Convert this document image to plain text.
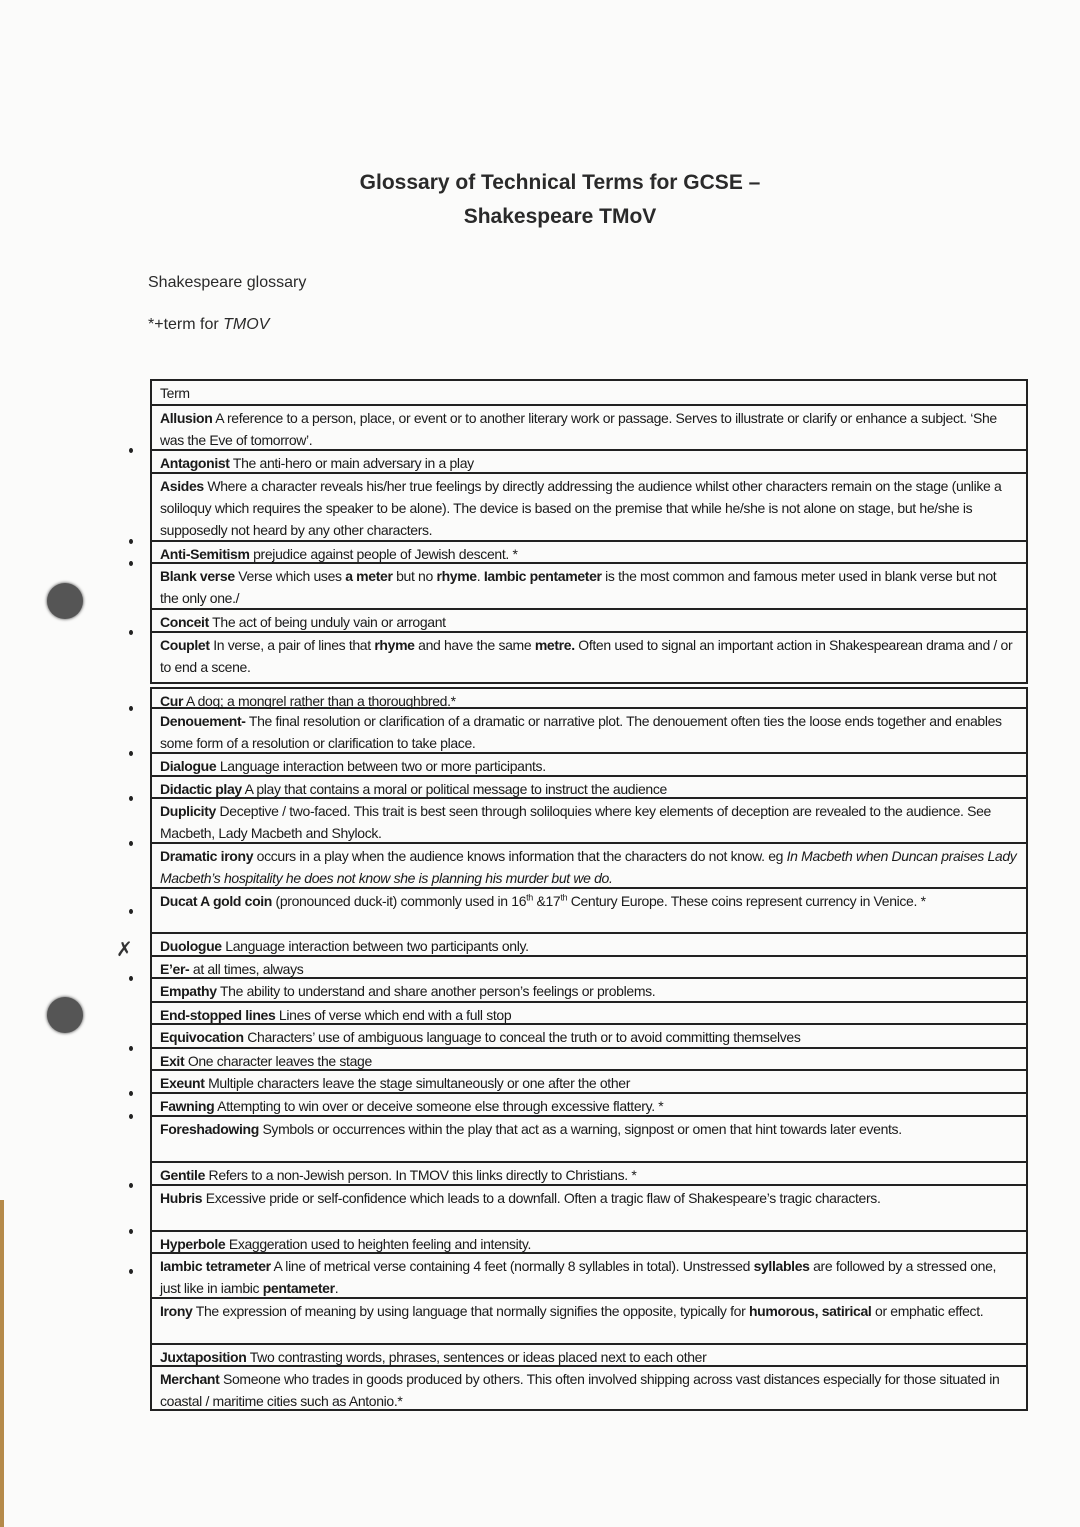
Glossary of Technical Terms for GCSE –
Shakespeare TMoV
Shakespeare glossary
*+term for TMOV
✗
Term
Allusion A reference to a person, place, or event or to another literary work or passage. Serves to illustrate or clarify or enhance a subject. ‘She was the Eve of tomorrow’.
Antagonist The anti-hero or main adversary in a play
Asides Where a character reveals his/her true feelings by directly addressing the audience whilst other characters remain on the stage (unlike a soliloquy which requires the speaker to be alone). The device is based on the premise that while he/she is not alone on stage, but he/she is supposedly not heard by any other characters.
Anti-Semitism prejudice against people of Jewish descent. *
Blank verse Verse which uses a meter but no rhyme. Iambic pentameter is the most common and famous meter used in blank verse but not the only one./
Conceit The act of being unduly vain or arrogant
Couplet In verse, a pair of lines that rhyme and have the same metre. Often used to signal an important action in Shakespearean drama and / or to end a scene.
Cur A dog; a mongrel rather than a thoroughbred.*
Denouement- The final resolution or clarification of a dramatic or narrative plot. The denouement often ties the loose ends together and enables some form of a resolution or clarification to take place.
Dialogue Language interaction between two or more participants.
Didactic play A play that contains a moral or political message to instruct the audience
Duplicity Deceptive / two-faced. This trait is best seen through soliloquies where key elements of deception are revealed to the audience. See Macbeth, Lady Macbeth and Shylock.
Dramatic irony occurs in a play when the audience knows information that the characters do not know. eg In Macbeth when Duncan praises Lady Macbeth’s hospitality he does not know she is planning his murder but we do.
Ducat A gold coin (pronounced duck-it) commonly used in 16th &17th Century Europe. These coins represent currency in Venice. *
Duologue Language interaction between two participants only.
E’er- at all times, always
Empathy The ability to understand and share another person’s feelings or problems.
End-stopped lines Lines of verse which end with a full stop
Equivocation Characters’ use of ambiguous language to conceal the truth or to avoid committing themselves
Exit One character leaves the stage
Exeunt Multiple characters leave the stage simultaneously or one after the other
Fawning Attempting to win over or deceive someone else through excessive flattery. *
Foreshadowing Symbols or occurrences within the play that act as a warning, signpost or omen that hint towards later events.
Gentile Refers to a non-Jewish person. In TMOV this links directly to Christians. *
Hubris Excessive pride or self-confidence which leads to a downfall. Often a tragic flaw of Shakespeare’s tragic characters.
Hyperbole Exaggeration used to heighten feeling and intensity.
Iambic tetrameter A line of metrical verse containing 4 feet (normally 8 syllables in total). Unstressed syllables are followed by a stressed one, just like in iambic pentameter.
Irony The expression of meaning by using language that normally signifies the opposite, typically for humorous, satirical or emphatic effect.
Juxtaposition Two contrasting words, phrases, sentences or ideas placed next to each other
Merchant Someone who trades in goods produced by others. This often involved shipping across vast distances especially for those situated in coastal / maritime cities such as Antonio.*
